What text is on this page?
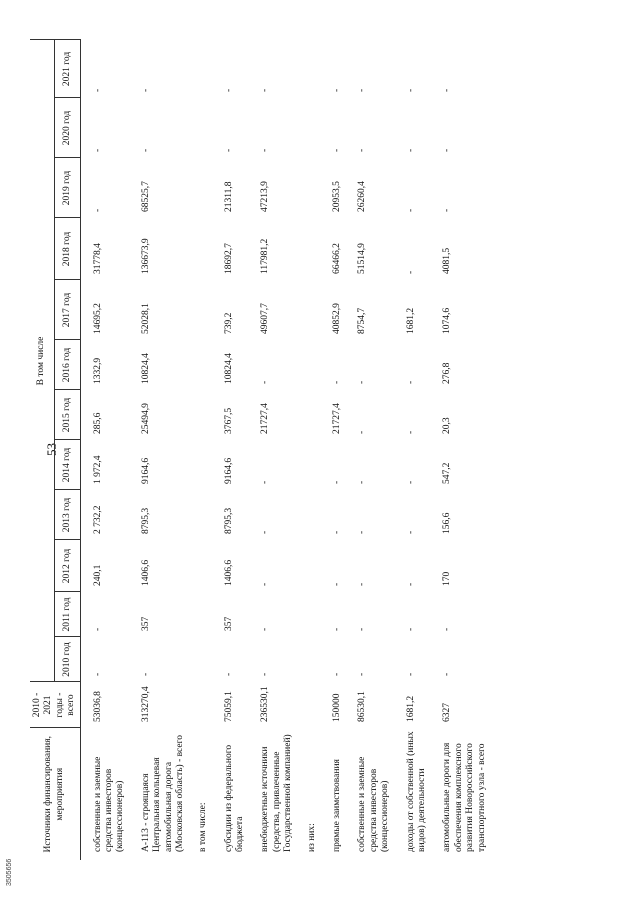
53
3505656
Источники финансирования, мероприятия	2010 - 2021 годы - всего	В том числе											
		2010 год	2011 год	2012 год	2013 год	2014 год	2015 год	2016 год	2017 год	2018 год	2019 год	2020 год	2021 год
собственные и заемные средства инвесторов (концессионеров)	53036,8	-	-	240,1	2 732,2	1 972,4	285,6	1332,9	14695,2	31778,4	-	-	-
А-113 - строящаяся Центральная кольцевая автомобильная дорога (Московская область) - всего	313270,4	-	357	1406,6	8795,3	9164,6	25494,9	10824,4	52028,1	136673,9	68525,7	-	-
в том числе:													
субсидии из федерального бюджета	75059,1	-	357	1406,6	8795,3	9164,6	3767,5	10824,4	739,2	18692,7	21311,8	-	-
внебюджетные источники (средства, привлеченные Государственной компанией)	236530,1	-	-	-	-	-	21727,4	-	49607,7	117981,2	47213,9	-	-
из них:													
прямые заимствования	150000	-	-	-	-	-	21727,4	-	40852,9	66466,2	20953,5	-	-
собственные и заемные средства инвесторов (концессионеров)	86530,1	-	-	-	-	-	-	-	8754,7	51514,9	26260,4	-	-
доходы от собственной (иных видов) деятельности	1681,2	-	-	-	-	-	-	-	1681,2	-	-	-	-
автомобильные дороги для обеспечения комплексного развития Новороссийского транспортного узла - всего	6327	-	-	170	156,6	547,2	20,3	276,8	1074,6	4081,5	-	-	-
